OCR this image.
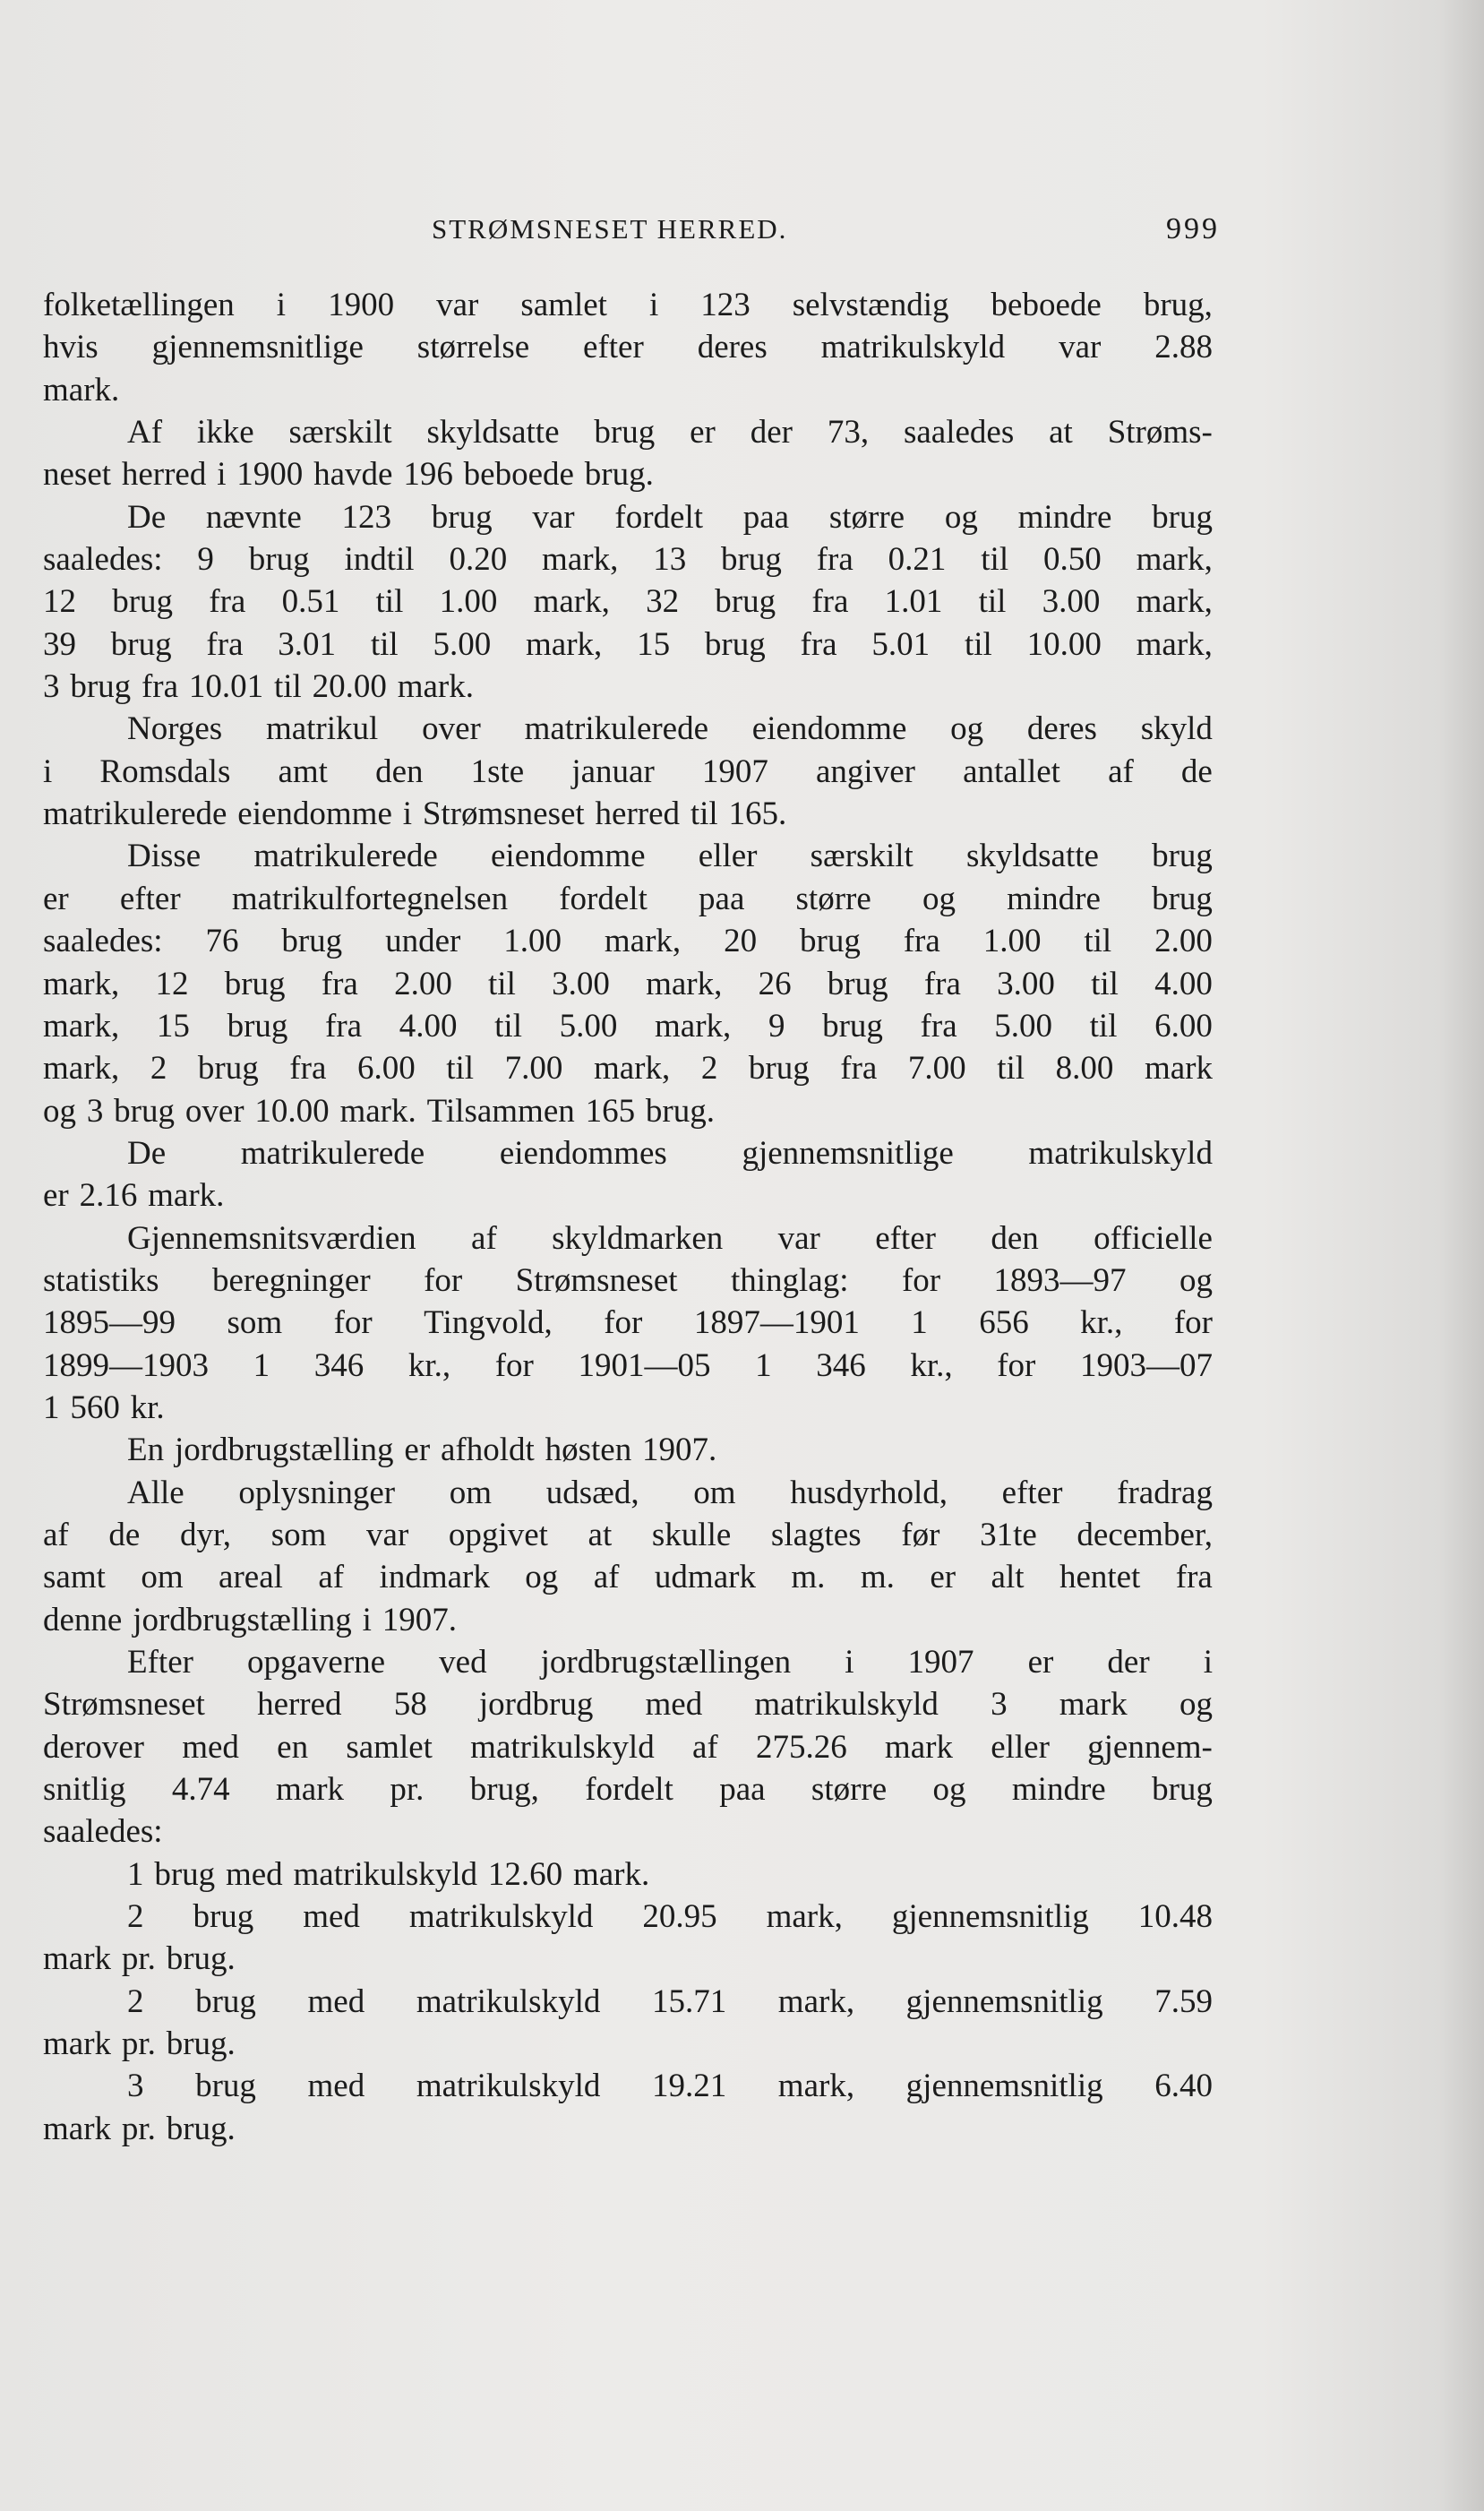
STRØMSNESET HERRED.	999
folketællingen i 1900 var samlet i 123 selvstændig beboede brug,
hvis gjennemsnitlige størrelse efter deres matrikulskyld var 2.88
mark.
Af ikke særskilt skyldsatte brug er der 73, saaledes at Strøms-
neset herred i 1900 havde 196 beboede brug.
De nævnte 123 brug var fordelt paa større og mindre brug
saaledes: 9 brug indtil 0.20 mark, 13 brug fra 0.21 til 0.50 mark,
12 brug fra 0.51 til 1.00 mark, 32 brug fra 1.01 til 3.00 mark,
39 brug fra 3.01 til 5.00 mark, 15 brug fra 5.01 til 10.00 mark,
3 brug fra 10.01 til 20.00 mark.
Norges matrikul over matrikulerede eiendomme og deres skyld
i Romsdals amt den 1ste januar 1907 angiver antallet af de
matrikulerede eiendomme i Strømsneset herred til 165.
Disse matrikulerede eiendomme eller særskilt skyldsatte brug
er efter matrikulfortegnelsen fordelt paa større og mindre brug
saaledes: 76 brug under 1.00 mark, 20 brug fra 1.00 til 2.00
mark, 12 brug fra 2.00 til 3.00 mark, 26 brug fra 3.00 til 4.00
mark, 15 brug fra 4.00 til 5.00 mark, 9 brug fra 5.00 til 6.00
mark, 2 brug fra 6.00 til 7.00 mark, 2 brug fra 7.00 til 8.00 mark
og 3 brug over 10.00 mark. Tilsammen 165 brug.
De matrikulerede eiendommes gjennemsnitlige matrikulskyld
er 2.16 mark.
Gjennemsnitsværdien af skyldmarken var efter den officielle
statistiks beregninger for Strømsneset thinglag: for 1893—97 og
1895—99 som for Tingvold, for 1897—1901 1 656 kr., for
1899—1903 1 346 kr., for 1901—05 1 346 kr., for 1903—07
1 560 kr.
En jordbrugstælling er afholdt høsten 1907.
Alle oplysninger om udsæd, om husdyrhold, efter fradrag
af de dyr, som var opgivet at skulle slagtes før 31te december,
samt om areal af indmark og af udmark m. m. er alt hentet fra
denne jordbrugstælling i 1907.
Efter opgaverne ved jordbrugstællingen i 1907 er der i
Strømsneset herred 58 jordbrug med matrikulskyld 3 mark og
derover med en samlet matrikulskyld af 275.26 mark eller gjennem-
snitlig 4.74 mark pr. brug, fordelt paa større og mindre brug
saaledes:
1 brug med matrikulskyld 12.60 mark.
2 brug med matrikulskyld 20.95 mark, gjennemsnitlig 10.48
mark pr. brug.
2 brug med matrikulskyld 15.71 mark, gjennemsnitlig 7.59
mark pr. brug.
3 brug med matrikulskyld 19.21 mark, gjennemsnitlig 6.40
mark pr. brug.
